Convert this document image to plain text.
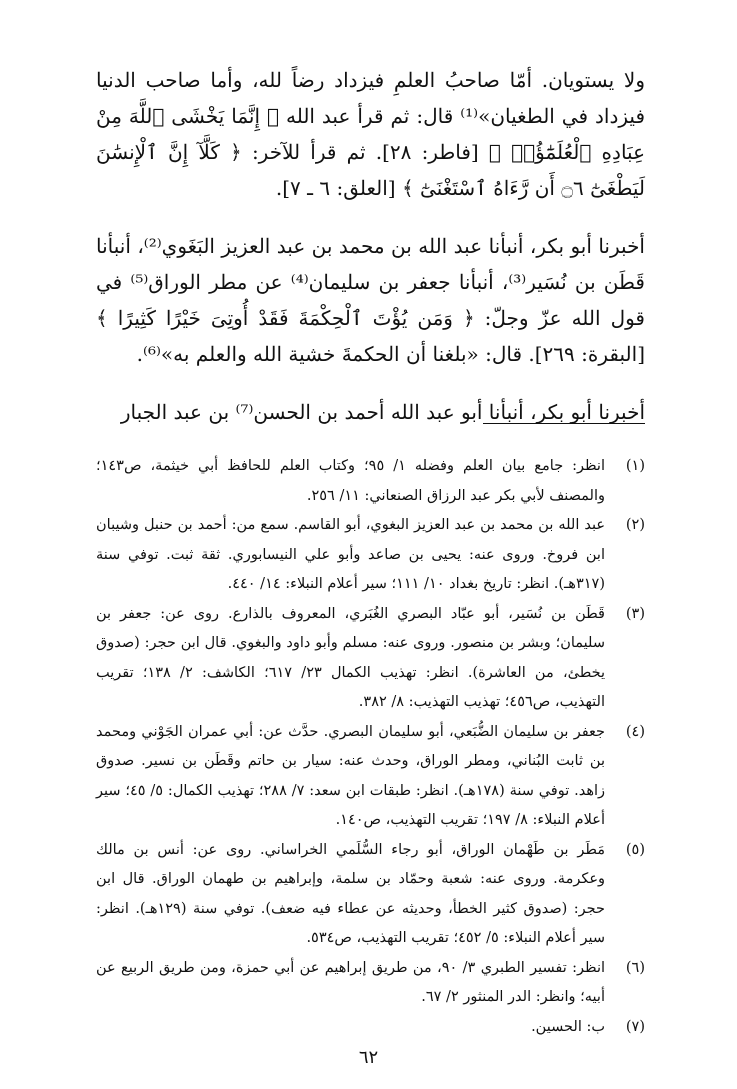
ولا يستويان. أمّا صاحبُ العلمِ فيزداد رضاً لله، وأما صاحب الدنيا فيزداد في الطغيان»⁽¹⁾ قال: ثم قرأ عبد الله ﴿ إِنَّمَا يَخْشَى ٱللَّهَ مِنْ عِبَادِهِ ٱلْعُلَمَٰٓؤُا۟ ﴾ [فاطر: ٢٨]. ثم قرأ للآخر: ﴿ كَلَّآ إِنَّ ٱلْإِنسَٰنَ لَيَطْغَىٰٓ ۝٦ أَن رَّءَاهُ ٱسْتَغْنَىٰٓ ﴾ [العلق: ٦ ـ ٧].

أخبرنا أبو بكر، أنبأنا عبد الله بن محمد بن عبد العزيز البَغَوي⁽²⁾، أنبأنا قَطَن بن نُسَير⁽³⁾، أنبأنا جعفر بن سليمان⁽⁴⁾ عن مطر الوراق⁽⁵⁾ في قول الله عزّ وجلّ: ﴿ وَمَن يُؤْتَ ٱلْحِكْمَةَ فَقَدْ أُوتِىَ خَيْرًا كَثِيرًا ﴾ [البقرة: ٢٦٩]. قال: «بلغنا أن الحكمةَ خشية الله والعلم به»⁽⁶⁾.

أخبرنا أبو بكر، أنبأنا أبو عبد الله أحمد بن الحسن⁽⁷⁾ بن عبد الجبار

(١)
انظر: جامع بيان العلم وفضله ١/ ٩٥؛ وكتاب العلم للحافظ أبي خيثمة، ص١٤٣؛ والمصنف لأبي بكر عبد الرزاق الصنعاني: ١١/ ٢٥٦.
(٢)
عبد الله بن محمد بن عبد العزيز البغوي، أبو القاسم. سمع من: أحمد بن حنبل وشيبان ابن فروخ. وروى عنه: يحيى بن صاعد وأبو علي النيسابوري. ثقة ثبت. توفي سنة (٣١٧هـ). انظر: تاريخ بغداد ١٠/ ١١١؛ سير أعلام النبلاء: ١٤/ ٤٤٠.
(٣)
قَطَن بن نُسَير، أبو عبّاد البصري الغُبَري، المعروف بالذارع. روى عن: جعفر بن سليمان؛ وبشر بن منصور. وروى عنه: مسلم وأبو داود والبغوي. قال ابن حجر: (صدوق يخطئ، من العاشرة). انظر: تهذيب الكمال ٢٣/ ٦١٧؛ الكاشف: ٢/ ١٣٨؛ تقريب التهذيب، ص٤٥٦؛ تهذيب التهذيب: ٨/ ٣٨٢.
(٤)
جعفر بن سليمان الضُّبَعي، أبو سليمان البصري. حدَّث عن: أبي عمران الجَوْني ومحمد بن ثابت البُناني، ومطر الوراق، وحدث عنه: سيار بن حاتم وقَطَن بن نسير. صدوق زاهد. توفي سنة (١٧٨هـ). انظر: طبقات ابن سعد: ٧/ ٢٨٨؛ تهذيب الكمال: ٥/ ٤٥؛ سير أعلام النبلاء: ٨/ ١٩٧؛ تقريب التهذيب، ص١٤٠.
(٥)
مَطَر بن طَهْمان الوراق، أبو رجاء السُّلَمي الخراساني. روى عن: أنس بن مالك وعكرمة. وروى عنه: شعبة وحمّاد بن سلمة، وإبراهيم بن طهمان الوراق. قال ابن حجر: (صدوق كثير الخطأ، وحديثه عن عطاء فيه ضعف). توفي سنة (١٢٩هـ). انظر: سير أعلام النبلاء: ٥/ ٤٥٢؛ تقريب التهذيب، ص٥٣٤.
(٦)
انظر: تفسير الطبري ٣/ ٩٠، من طريق إبراهيم عن أبي حمزة، ومن طريق الربيع عن أبيه؛ وانظر: الدر المنثور ٢/ ٦٧.
(٧)
ب: الحسين.
٦٢
